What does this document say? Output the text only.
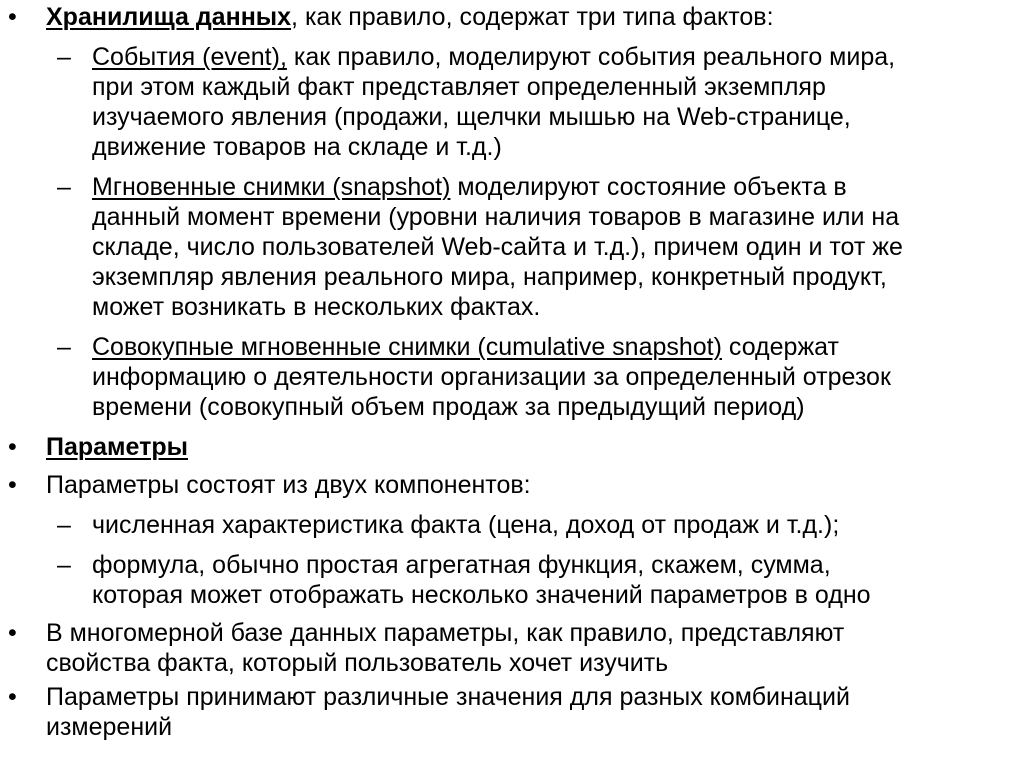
• Хранилища данных, как правило, содержат три типа фактов:
– События (event), как правило, моделируют события реального мира,
при этом каждый факт представляет определенный экземпляр
изучаемого явления (продажи, щелчки мышью на Web-странице,
движение товаров на складе и т.д.)
– Мгновенные снимки (snapshot) моделируют состояние объекта в
данный момент времени (уровни наличия товаров в магазине или на
складе, число пользователей Web-сайта и т.д.), причем один и тот же
экземпляр явления реального мира, например, конкретный продукт,
может возникать в нескольких фактах.
– Совокупные мгновенные снимки (cumulative snapshot) содержат
информацию о деятельности организации за определенный отрезок
времени (совокупный объем продаж за предыдущий период)
• Параметры
• Параметры состоят из двух компонентов:
– численная характеристика факта (цена, доход от продаж и т.д.);
– формула, обычно простая агрегатная функция, скажем, сумма,
которая может отображать несколько значений параметров в одно
• В многомерной базе данных параметры, как правило, представляют
свойства факта, который пользователь хочет изучить
• Параметры принимают различные значения для разных комбинаций
измерений
